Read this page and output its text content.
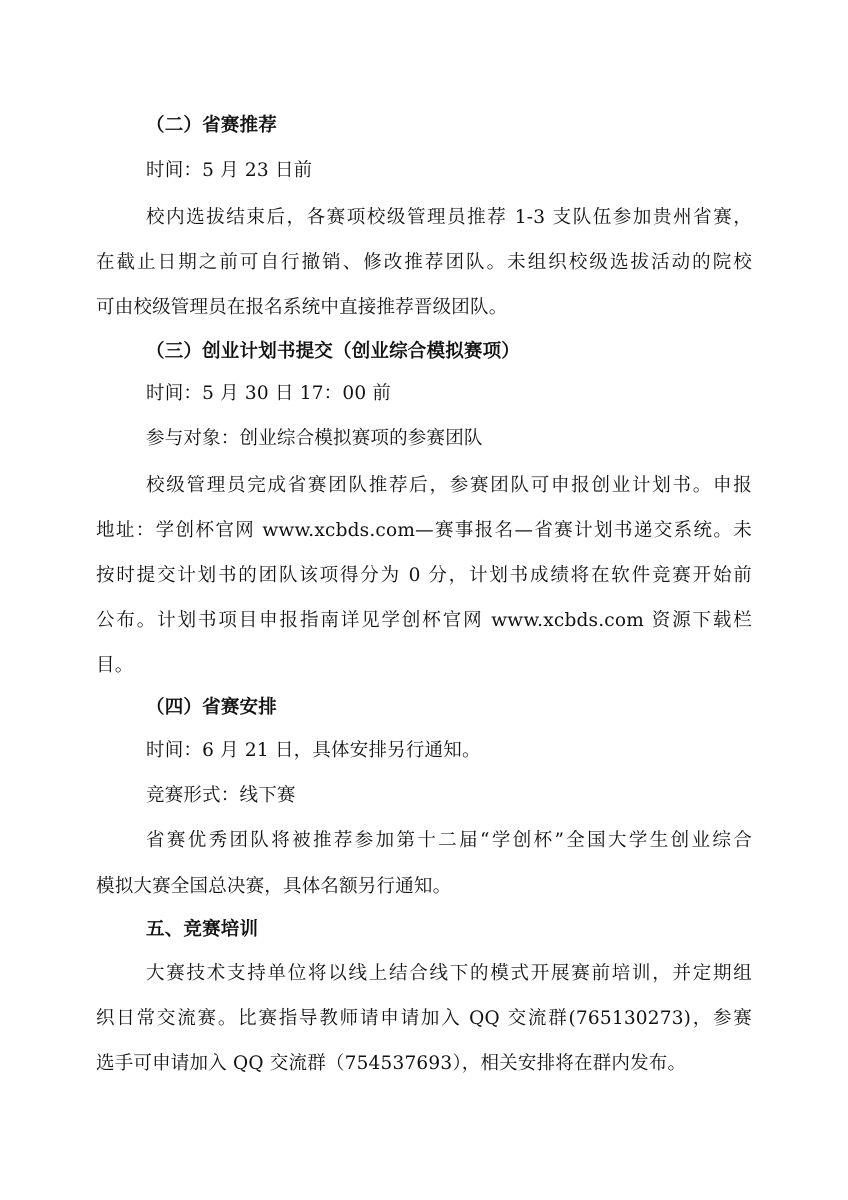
（二）省赛推荐
时间：5 月 23 日前
校内选拔结束后，各赛项校级管理员推荐 1-3 支队伍参加贵州省赛，
在截止日期之前可自行撤销、修改推荐团队。未组织校级选拔活动的院校
可由校级管理员在报名系统中直接推荐晋级团队。
（三）创业计划书提交（创业综合模拟赛项）
时间：5 月 30 日 17：00 前
参与对象：创业综合模拟赛项的参赛团队
校级管理员完成省赛团队推荐后，参赛团队可申报创业计划书。申报
地址：学创杯官网 www.xcbds.com—赛事报名—省赛计划书递交系统。未
按时提交计划书的团队该项得分为 0 分，计划书成绩将在软件竞赛开始前
公布。计划书项目申报指南详见学创杯官网 www.xcbds.com 资源下载栏
目。
（四）省赛安排
时间：6 月 21 日，具体安排另行通知。
竞赛形式：线下赛
省赛优秀团队将被推荐参加第十二届“学创杯”全国大学生创业综合
模拟大赛全国总决赛，具体名额另行通知。
五、竞赛培训
大赛技术支持单位将以线上结合线下的模式开展赛前培训，并定期组
织日常交流赛。比赛指导教师请申请加入 QQ 交流群(765130273)，参赛
选手可申请加入 QQ 交流群（754537693），相关安排将在群内发布。
